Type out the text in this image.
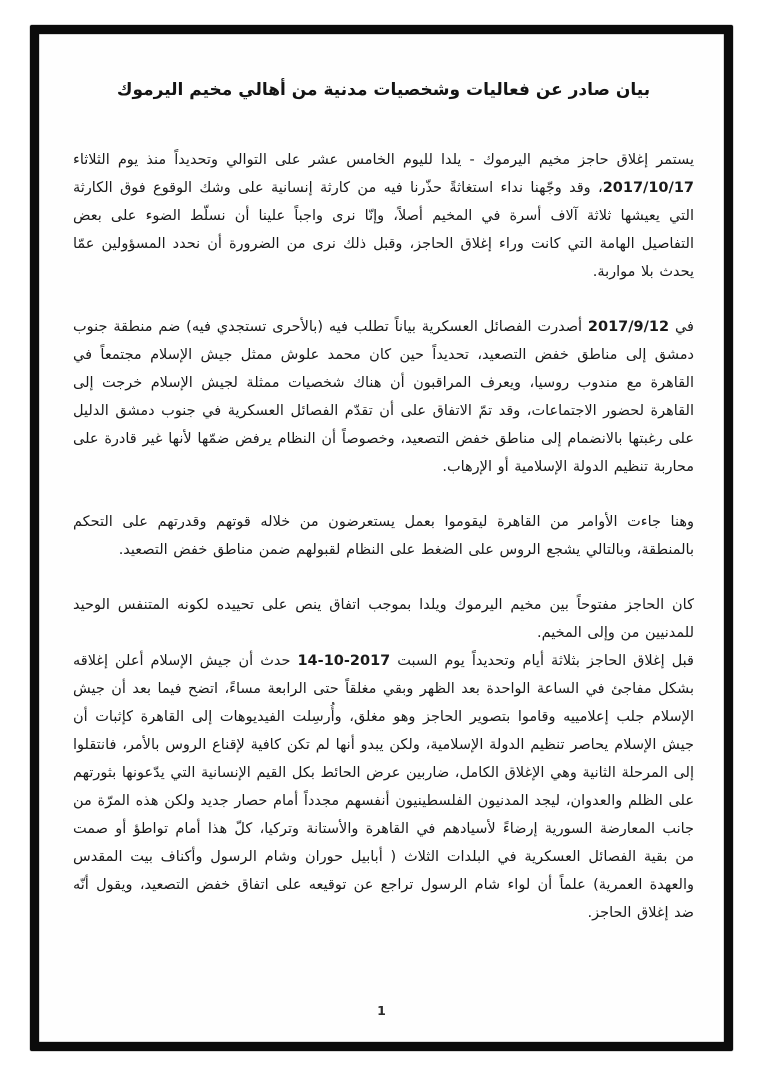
بيان صادر عن فعاليات وشخصيات مدنية من أهالي مخيم اليرموك

يستمر إغلاق حاجز مخيم اليرموك - يلدا لليوم الخامس عشر على التوالي وتحديداً منذ يوم الثلاثاء 2017/10/17، وقد وجّهنا نداء استغاثةً حذّرنا فيه من كارثة إنسانية على وشك الوقوع فوق الكارثة التي يعيشها ثلاثة آلاف أسرة في المخيم أصلاً، وإنّا نرى واجباً علينا أن نسلّط الضوء على بعض التفاصيل الهامة التي كانت وراء إغلاق الحاجز، وقبل ذلك نرى من الضرورة أن نحدد المسؤولين عمّا يحدث بلا مواربة.

في 2017/9/12 أصدرت الفصائل العسكرية بياناً تطلب فيه (بالأحرى تستجدي فيه) ضم منطقة جنوب دمشق إلى مناطق خفض التصعيد، تحديداً حين كان محمد علوش ممثل جيش الإسلام مجتمعاً في القاهرة مع مندوب روسيا، ويعرف المراقبون أن هناك شخصيات ممثلة لجيش الإسلام خرجت إلى القاهرة لحضور الاجتماعات، وقد تمّ الاتفاق على أن تقدّم الفصائل العسكرية في جنوب دمشق الدليل على رغبتها بالانضمام إلى مناطق خفض التصعيد، وخصوصاً أن النظام يرفض ضمّها لأنها غير قادرة على محاربة تنظيم الدولة الإسلامية أو الإرهاب.

وهنا جاءت الأوامر من القاهرة ليقوموا بعمل يستعرضون من خلاله قوتهم وقدرتهم على التحكم بالمنطقة، وبالتالي يشجع الروس على الضغط على النظام لقبولهم ضمن مناطق خفض التصعيد.

كان الحاجز مفتوحاً بين مخيم اليرموك ويلدا بموجب اتفاق ينص على تحييده لكونه المتنفس الوحيد للمدنيين من وإلى المخيم.

قبل إغلاق الحاجز بثلاثة أيام وتحديداً يوم السبت 2017-10-14 حدث أن جيش الإسلام أعلن إغلاقه بشكل مفاجئ في الساعة الواحدة بعد الظهر وبقي مغلقاً حتى الرابعة مساءً، اتضح فيما بعد أن جيش الإسلام جلب إعلامييه وقاموا بتصوير الحاجز وهو مغلق، وأُرسِلت الفيديوهات إلى القاهرة كإثبات أن جيش الإسلام يحاصر تنظيم الدولة الإسلامية، ولكن يبدو أنها لم تكن كافية لإقناع الروس بالأمر، فانتقلوا إلى المرحلة الثانية وهي الإغلاق الكامل، ضاربين عرض الحائط بكل القيم الإنسانية التي يدّعونها بثورتهم على الظلم والعدوان، ليجد المدنيون الفلسطينيون أنفسهم مجدداً أمام حصار جديد ولكن هذه المرّة من جانب المعارضة السورية إرضاءً لأسيادهم في القاهرة والأستانة وتركيا، كلّ هذا أمام تواطؤ أو صمت من بقية الفصائل العسكرية في البلدات الثلاث ( أبابيل حوران وشام الرسول وأكناف بيت المقدس والعهدة العمرية) علماً أن لواء شام الرسول تراجع عن توقيعه على اتفاق خفض التصعيد، ويقول أنّه ضد إغلاق الحاجز.

1
